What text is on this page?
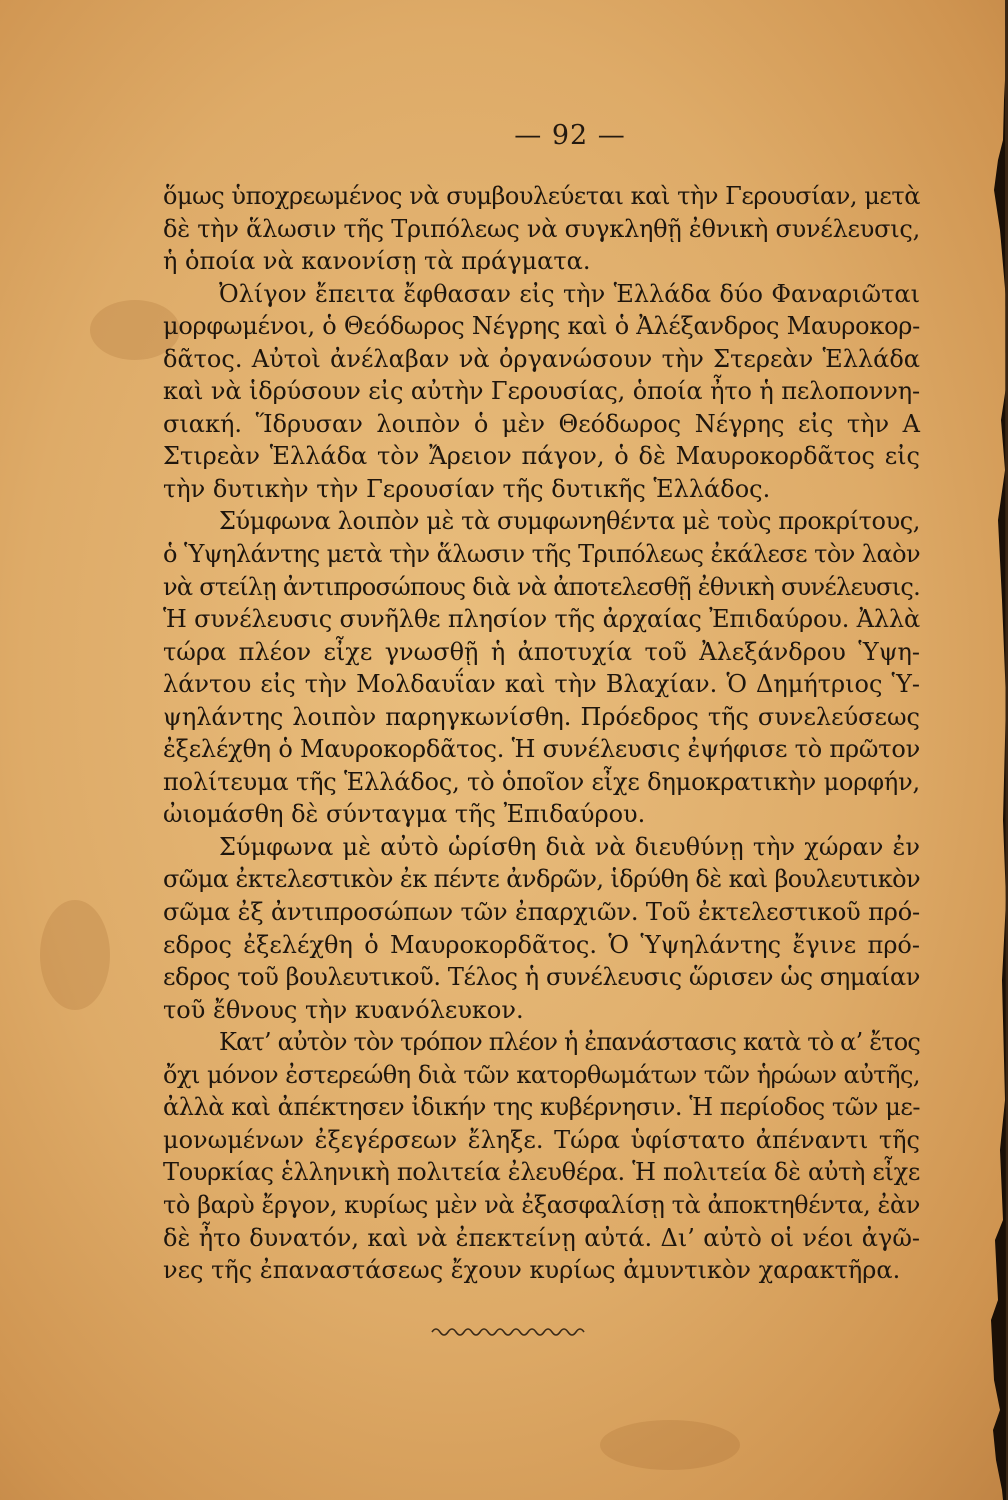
— 92 —
ὅμως ὑποχρεωμένος νὰ συμβουλεύεται καὶ τὴν Γερουσίαν, μετὰ
δὲ τὴν ἅλωσιν τῆς Τριπόλεως νὰ συγκληθῇ ἐθνικὴ συνέλευσις,
ἡ ὁποία νὰ κανονίσῃ τὰ πράγματα.
Ὀλίγον ἔπειτα ἔφθασαν εἰς τὴν Ἑλλάδα δύο Φαναριῶται
μορφωμένοι, ὁ Θεόδωρος Νέγρης καὶ ὁ Ἀλέξανδρος Μαυροκορ-
δᾶτος. Αὐτοὶ ἀνέλαβαν νὰ ὀργανώσουν τὴν Στερεὰν Ἑλλάδα
καὶ νὰ ἱδρύσουν εἰς αὐτὴν Γερουσίας, ὁποία ἦτο ἡ πελοποννη-
σιακή. Ἵδρυσαν λοιπὸν ὁ μὲν Θεόδωρος Νέγρης εἰς τὴν Α
Στιρεὰν Ἑλλάδα τὸν Ἄρειον πάγον, ὁ δὲ Μαυροκορδᾶτος εἰς
τὴν δυτικὴν τὴν Γερουσίαν τῆς δυτικῆς Ἑλλάδος.
Σύμφωνα λοιπὸν μὲ τὰ συμφωνηθέντα μὲ τοὺς προκρίτους,
ὁ Ὑψηλάντης μετὰ τὴν ἅλωσιν τῆς Τριπόλεως ἐκάλεσε τὸν λαὸν
νὰ στείλῃ ἀντιπροσώπους διὰ νὰ ἀποτελεσθῇ ἐθνικὴ συνέλευσις.
Ἡ συνέλευσις συνῆλθε πλησίον τῆς ἀρχαίας Ἐπιδαύρου. Ἀλλὰ
τώρα πλέον εἶχε γνωσθῇ ἡ ἀποτυχία τοῦ Ἀλεξάνδρου Ὑψη-
λάντου εἰς τὴν Μολδαυΐαν καὶ τὴν Βλαχίαν. Ὁ Δημήτριος Ὑ-
ψηλάντης λοιπὸν παρηγκωνίσθη. Πρόεδρος τῆς συνελεύσεως
ἐξελέχθη ὁ Μαυροκορδᾶτος. Ἡ συνέλευσις ἐψήφισε τὸ πρῶτον
πολίτευμα τῆς Ἑλλάδος, τὸ ὁποῖον εἶχε δημοκρατικὴν μορφήν,
ὠιομάσθη δὲ σύνταγμα τῆς Ἐπιδαύρου.
Σύμφωνα μὲ αὐτὸ ὡρίσθη διὰ νὰ διευθύνῃ τὴν χώραν ἐν
σῶμα ἐκτελεστικὸν ἐκ πέντε ἀνδρῶν, ἱδρύθη δὲ καὶ βουλευτικὸν
σῶμα ἐξ ἀντιπροσώπων τῶν ἐπαρχιῶν. Τοῦ ἐκτελεστικοῦ πρό-
εδρος ἐξελέχθη ὁ Μαυροκορδᾶτος. Ὁ Ὑψηλάντης ἔγινε πρό-
εδρος τοῦ βουλευτικοῦ. Τέλος ἡ συνέλευσις ὥρισεν ὡς σημαίαν
τοῦ ἔθνους τὴν κυανόλευκον.
Κατ’ αὐτὸν τὸν τρόπον πλέον ἡ ἐπανάστασις κατὰ τὸ α’ ἔτος
ὄχι μόνον ἐστερεώθη διὰ τῶν κατορθωμάτων τῶν ἡρώων αὐτῆς,
ἀλλὰ καὶ ἀπέκτησεν ἰδικήν της κυβέρνησιν. Ἡ περίοδος τῶν με-
μονωμένων ἐξεγέρσεων ἔληξε. Τώρα ὑφίστατο ἀπέναντι τῆς
Τουρκίας ἑλληνικὴ πολιτεία ἐλευθέρα. Ἡ πολιτεία δὲ αὐτὴ εἶχε
τὸ βαρὺ ἔργον, κυρίως μὲν νὰ ἐξασφαλίσῃ τὰ ἀποκτηθέντα, ἐὰν
δὲ ἦτο δυνατόν, καὶ νὰ ἐπεκτείνῃ αὐτά. Δι’ αὐτὸ οἱ νέοι ἀγῶ-
νες τῆς ἐπαναστάσεως ἔχουν κυρίως ἀμυντικὸν χαρακτῆρα.
